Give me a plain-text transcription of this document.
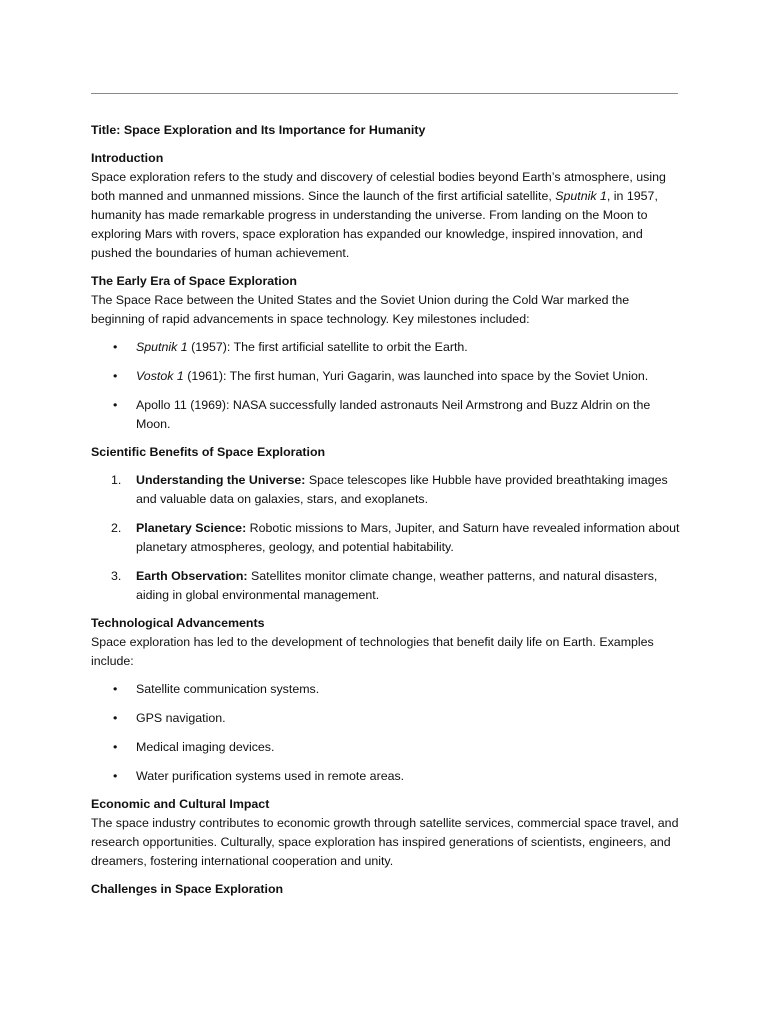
Title: Space Exploration and Its Importance for Humanity

Introduction

Space exploration refers to the study and discovery of celestial bodies beyond Earth’s atmosphere, using both manned and unmanned missions. Since the launch of the first artificial satellite, Sputnik 1, in 1957, humanity has made remarkable progress in understanding the universe. From landing on the Moon to exploring Mars with rovers, space exploration has expanded our knowledge, inspired innovation, and pushed the boundaries of human achievement.

The Early Era of Space Exploration

The Space Race between the United States and the Soviet Union during the Cold War marked the beginning of rapid advancements in space technology. Key milestones included:

• Sputnik 1 (1957): The first artificial satellite to orbit the Earth.
• Vostok 1 (1961): The first human, Yuri Gagarin, was launched into space by the Soviet Union.
• Apollo 11 (1969): NASA successfully landed astronauts Neil Armstrong and Buzz Aldrin on the Moon.

Scientific Benefits of Space Exploration

1. Understanding the Universe: Space telescopes like Hubble have provided breathtaking images and valuable data on galaxies, stars, and exoplanets.
2. Planetary Science: Robotic missions to Mars, Jupiter, and Saturn have revealed information about planetary atmospheres, geology, and potential habitability.
3. Earth Observation: Satellites monitor climate change, weather patterns, and natural disasters, aiding in global environmental management.

Technological Advancements

Space exploration has led to the development of technologies that benefit daily life on Earth. Examples include:

• Satellite communication systems.
• GPS navigation.
• Medical imaging devices.
• Water purification systems used in remote areas.

Economic and Cultural Impact

The space industry contributes to economic growth through satellite services, commercial space travel, and research opportunities. Culturally, space exploration has inspired generations of scientists, engineers, and dreamers, fostering international cooperation and unity.

Challenges in Space Exploration
